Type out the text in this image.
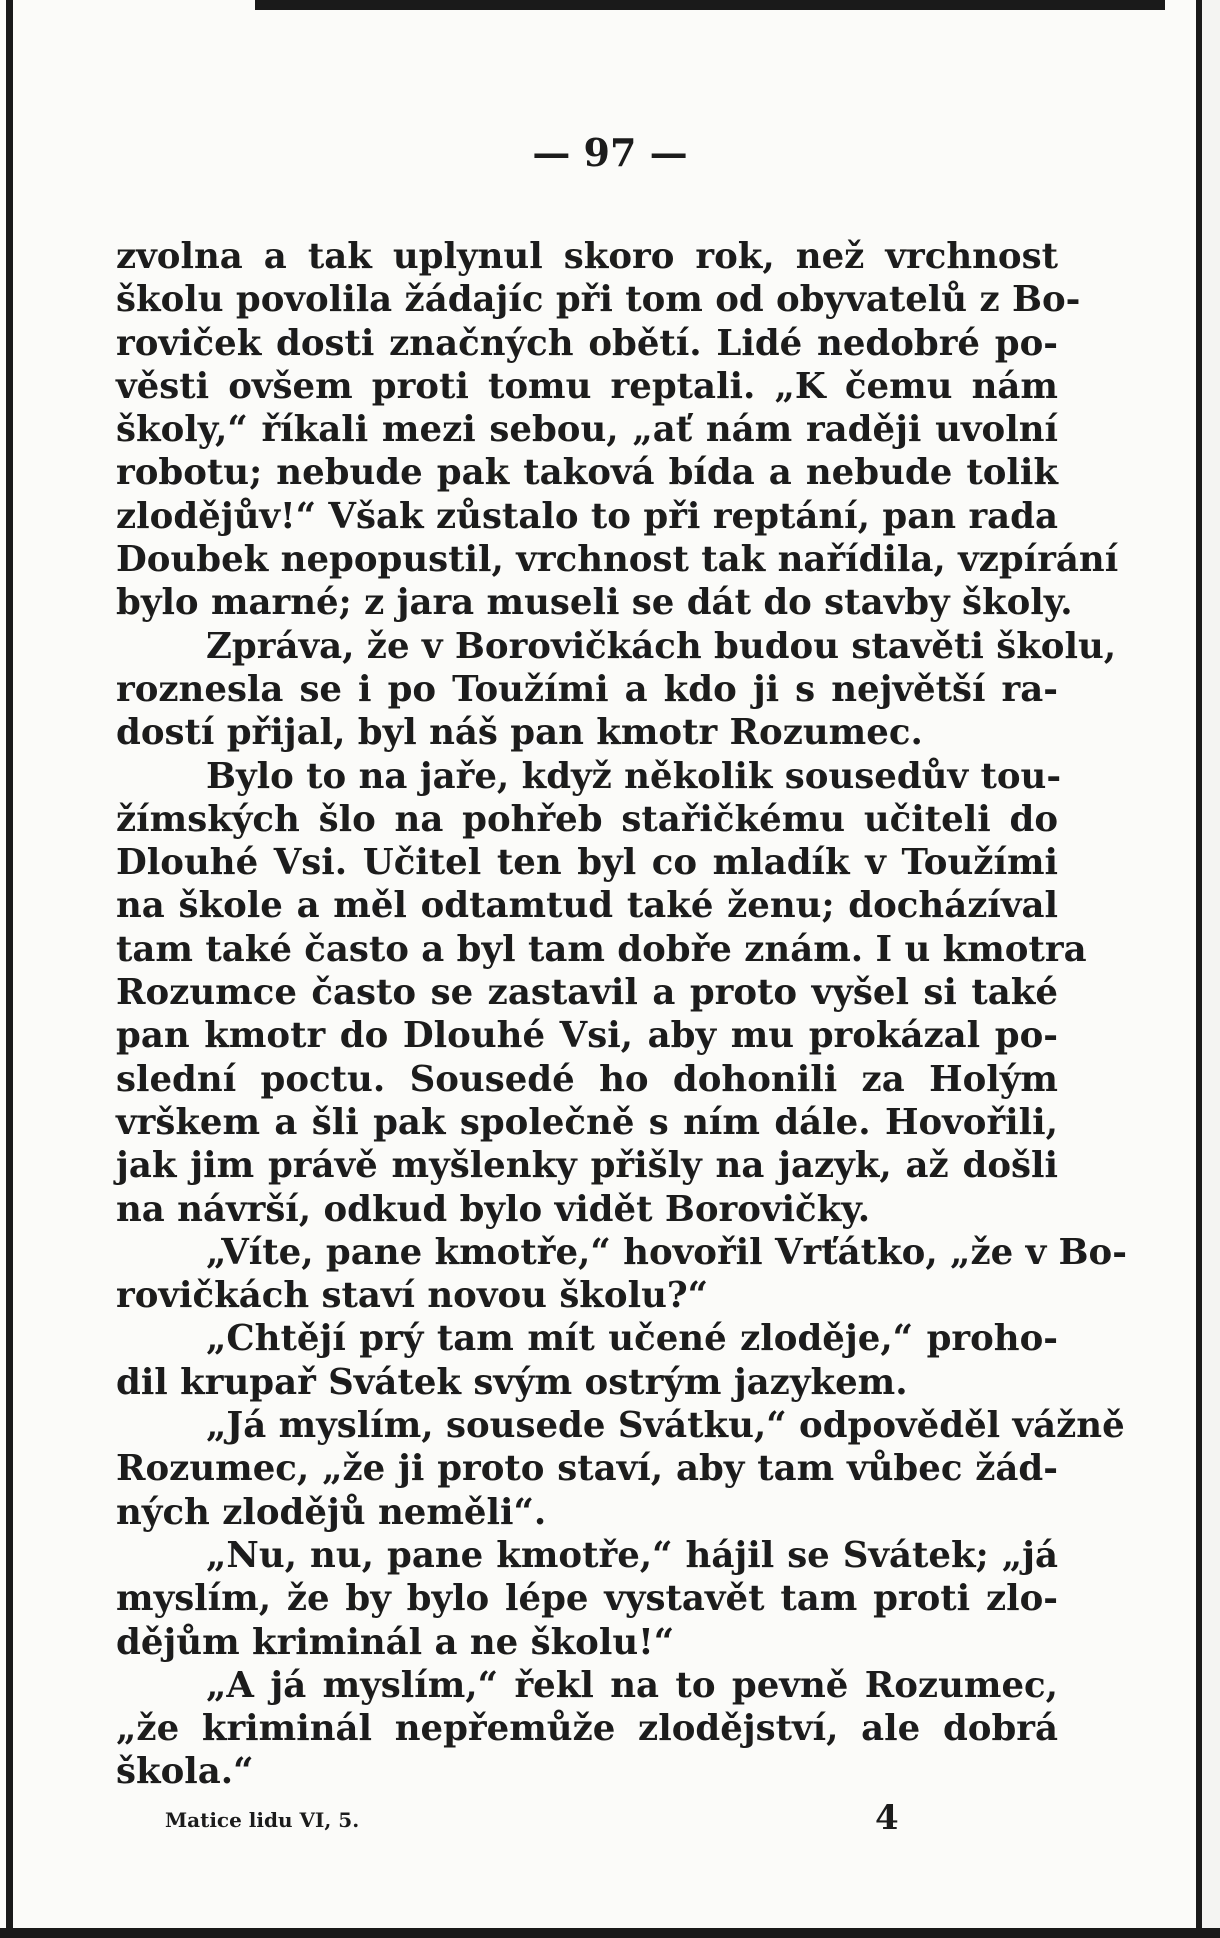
— 97 —
zvolna a tak uplynul skoro rok, než vrchnost
školu povolila žádajíc při tom od obyvatelů z Bo-
roviček dosti značných obětí. Lidé nedobré po-
věsti ovšem proti tomu reptali. „K čemu nám
školy,“ říkali mezi sebou, „ať nám raději uvolní
robotu; nebude pak taková bída a nebude tolik
zlodějův!“ Však zůstalo to při reptání, pan rada
Doubek nepopustil, vrchnost tak nařídila, vzpírání
bylo marné; z jara museli se dát do stavby školy.
Zpráva, že v Borovičkách budou stavěti školu,
roznesla se i po Toužími a kdo ji s největší ra-
dostí přijal, byl náš pan kmotr Rozumec.
Bylo to na jaře, když několik sousedův tou-
žímských šlo na pohřeb stařičkému učiteli do
Dlouhé Vsi. Učitel ten byl co mladík v Toužími
na škole a měl odtamtud také ženu; docházíval
tam také často a byl tam dobře znám. I u kmotra
Rozumce často se zastavil a proto vyšel si také
pan kmotr do Dlouhé Vsi, aby mu prokázal po-
slední poctu. Sousedé ho dohonili za Holým
vrškem a šli pak společně s ním dále. Hovořili,
jak jim právě myšlenky přišly na jazyk, až došli
na návrší, odkud bylo vidět Borovičky.
„Víte, pane kmotře,“ hovořil Vrťátko, „že v Bo-
rovičkách staví novou školu?“
„Chtějí prý tam mít učené zloděje,“ proho-
dil krupař Svátek svým ostrým jazykem.
„Já myslím, sousede Svátku,“ odpověděl vážně
Rozumec, „že ji proto staví, aby tam vůbec žád-
ných zlodějů neměli“.
„Nu, nu, pane kmotře,“ hájil se Svátek; „já
myslím, že by bylo lépe vystavět tam proti zlo-
dějům kriminál a ne školu!“
„A já myslím,“ řekl na to pevně Rozumec,
„že kriminál nepřemůže zlodějství, ale dobrá
škola.“
Matice lidu VI, 5.	4
